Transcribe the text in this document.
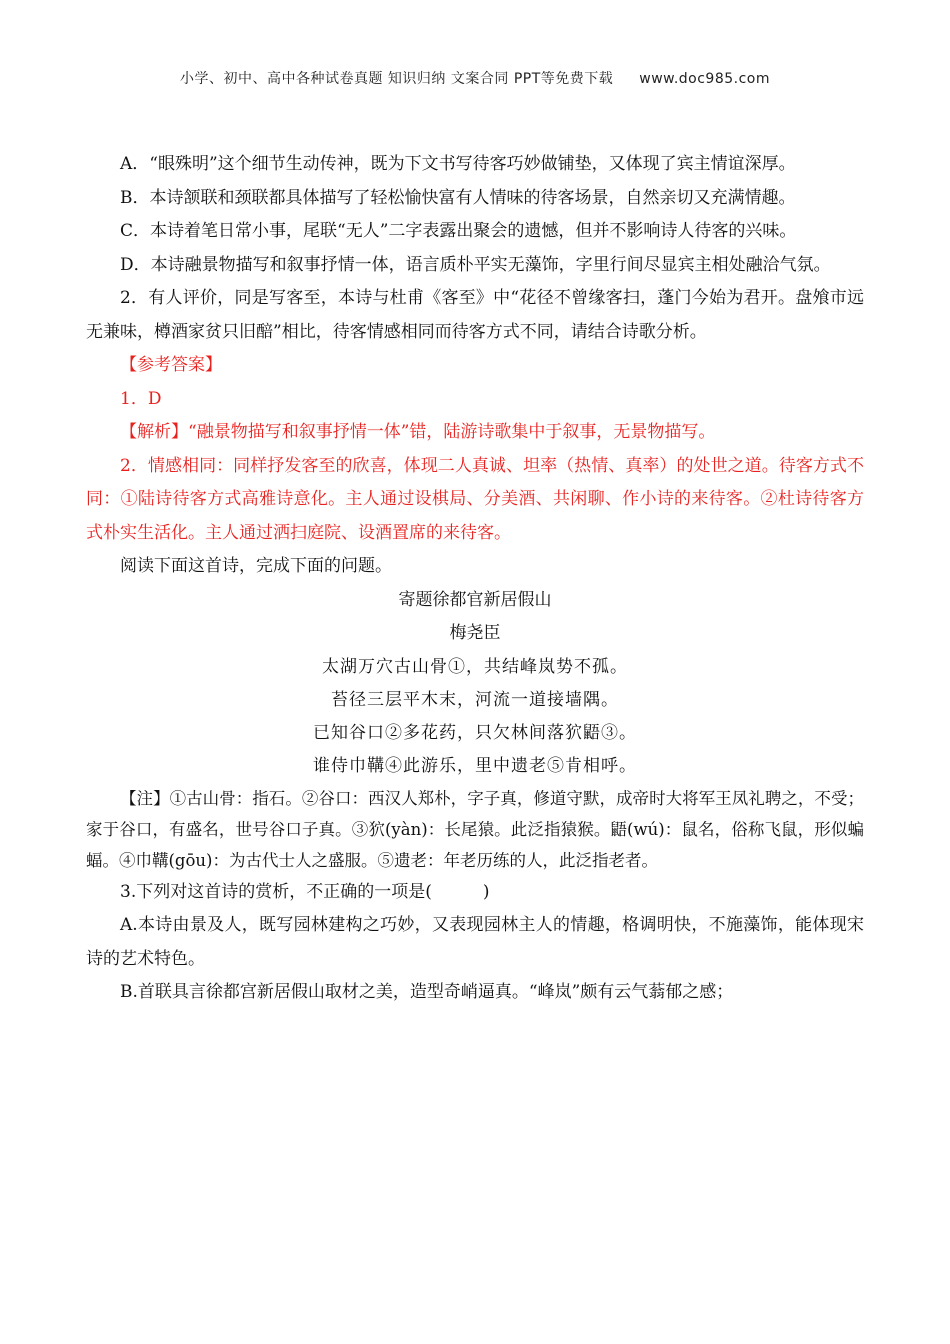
小学、初中、高中各种试卷真题 知识归纳 文案合同 PPT等免费下载 www.doc985.com

A．“眼殊明”这个细节生动传神，既为下文书写待客巧妙做铺垫，又体现了宾主情谊深厚。

B．本诗颔联和颈联都具体描写了轻松愉快富有人情味的待客场景，自然亲切又充满情趣。

C．本诗着笔日常小事，尾联“无人”二字表露出聚会的遗憾，但并不影响诗人待客的兴味。

D．本诗融景物描写和叙事抒情一体，语言质朴平实无藻饰，字里行间尽显宾主相处融洽气氛。

2．有人评价，同是写客至，本诗与杜甫《客至》中“花径不曾缘客扫，蓬门今始为君开。盘飧市远无兼味，樽酒家贫只旧醅”相比，待客情感相同而待客方式不同，请结合诗歌分析。

【参考答案】

1．D

【解析】“融景物描写和叙事抒情一体”错，陆游诗歌集中于叙事，无景物描写。

2．情感相同：同样抒发客至的欣喜，体现二人真诚、坦率（热情、真率）的处世之道。待客方式不同：①陆诗待客方式高雅诗意化。主人通过设棋局、分美酒、共闲聊、作小诗的来待客。②杜诗待客方式朴实生活化。主人通过洒扫庭院、设酒置席的来待客。

阅读下面这首诗，完成下面的问题。

寄题徐都官新居假山

梅尧臣

太湖万穴古山骨①，共结峰岚势不孤。

苔径三层平木末，河流一道接墙隅。

已知谷口②多花药，只欠林间落狖鼯③。

谁侍巾鞲④此游乐，里中遗老⑤肯相呼。

【注】①古山骨：指石。②谷口：西汉人郑朴，字子真，修道守默，成帝时大将军王凤礼聘之，不受；家于谷口，有盛名，世号谷口子真。③狖(yàn)：长尾猿。此泛指猿猴。鼯(wú)：鼠名，俗称飞鼠，形似蝙蝠。④巾鞲(gōu)：为古代士人之盛服。⑤遗老：年老历练的人，此泛指老者。

3.下列对这首诗的赏析，不正确的一项是(　　　)

A.本诗由景及人，既写园林建构之巧妙，又表现园林主人的情趣，格调明快，不施藻饰，能体现宋诗的艺术特色。

B.首联具言徐都宫新居假山取材之美，造型奇峭逼真。“峰岚”颇有云气蓊郁之感；
